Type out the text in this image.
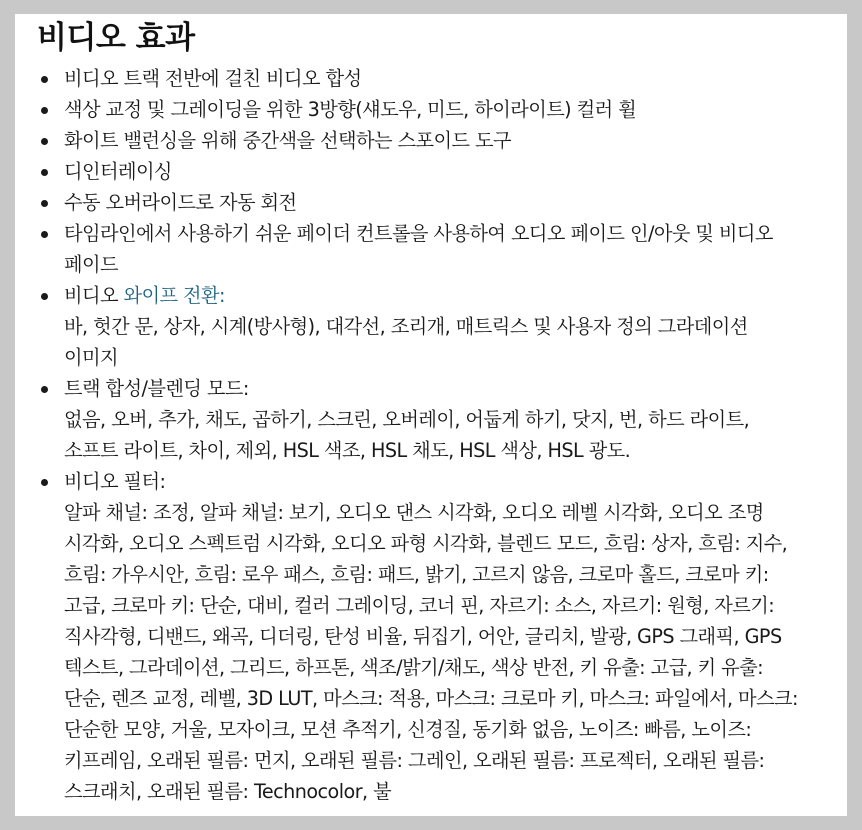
비디오 효과
비디오 트랙 전반에 걸친 비디오 합성
색상 교정 및 그레이딩을 위한 3방향(섀도우, 미드, 하이라이트) 컬러 휠
화이트 밸런싱을 위해 중간색을 선택하는 스포이드 도구
디인터레이싱
수동 오버라이드로 자동 회전
타임라인에서 사용하기 쉬운 페이더 컨트롤을 사용하여 오디오 페이드 인/아웃 및 비디오 페이드
비디오 와이프 전환:
바, 헛간 문, 상자, 시계(방사형), 대각선, 조리개, 매트릭스 및 사용자 정의 그라데이션 이미지
트랙 합성/블렌딩 모드:
없음, 오버, 추가, 채도, 곱하기, 스크린, 오버레이, 어둡게 하기, 닷지, 번, 하드 라이트, 소프트 라이트, 차이, 제외, HSL 색조, HSL 채도, HSL 색상, HSL 광도.
비디오 필터:
알파 채널: 조정, 알파 채널: 보기, 오디오 댄스 시각화, 오디오 레벨 시각화, 오디오 조명 시각화, 오디오 스펙트럼 시각화, 오디오 파형 시각화, 블렌드 모드, 흐림: 상자, 흐림: 지수, 흐림: 가우시안, 흐림: 로우 패스, 흐림: 패드, 밝기, 고르지 않음, 크로마 홀드, 크로마 키: 고급, 크로마 키: 단순, 대비, 컬러 그레이딩, 코너 핀, 자르기: 소스, 자르기: 원형, 자르기: 직사각형, 디밴드, 왜곡, 디더링, 탄성 비율, 뒤집기, 어안, 글리치, 발광, GPS 그래픽, GPS 텍스트, 그라데이션, 그리드, 하프톤, 색조/밝기/채도, 색상 반전, 키 유출: 고급, 키 유출: 단순, 렌즈 교정, 레벨, 3D LUT, 마스크: 적용, 마스크: 크로마 키, 마스크: 파일에서, 마스크: 단순한 모양, 거울, 모자이크, 모션 추적기, 신경질, 동기화 없음, 노이즈: 빠름, 노이즈: 키프레임, 오래된 필름: 먼지, 오래된 필름: 그레인, 오래된 필름: 프로젝터, 오래된 필름: 스크래치, 오래된 필름: Technocolor, 불
